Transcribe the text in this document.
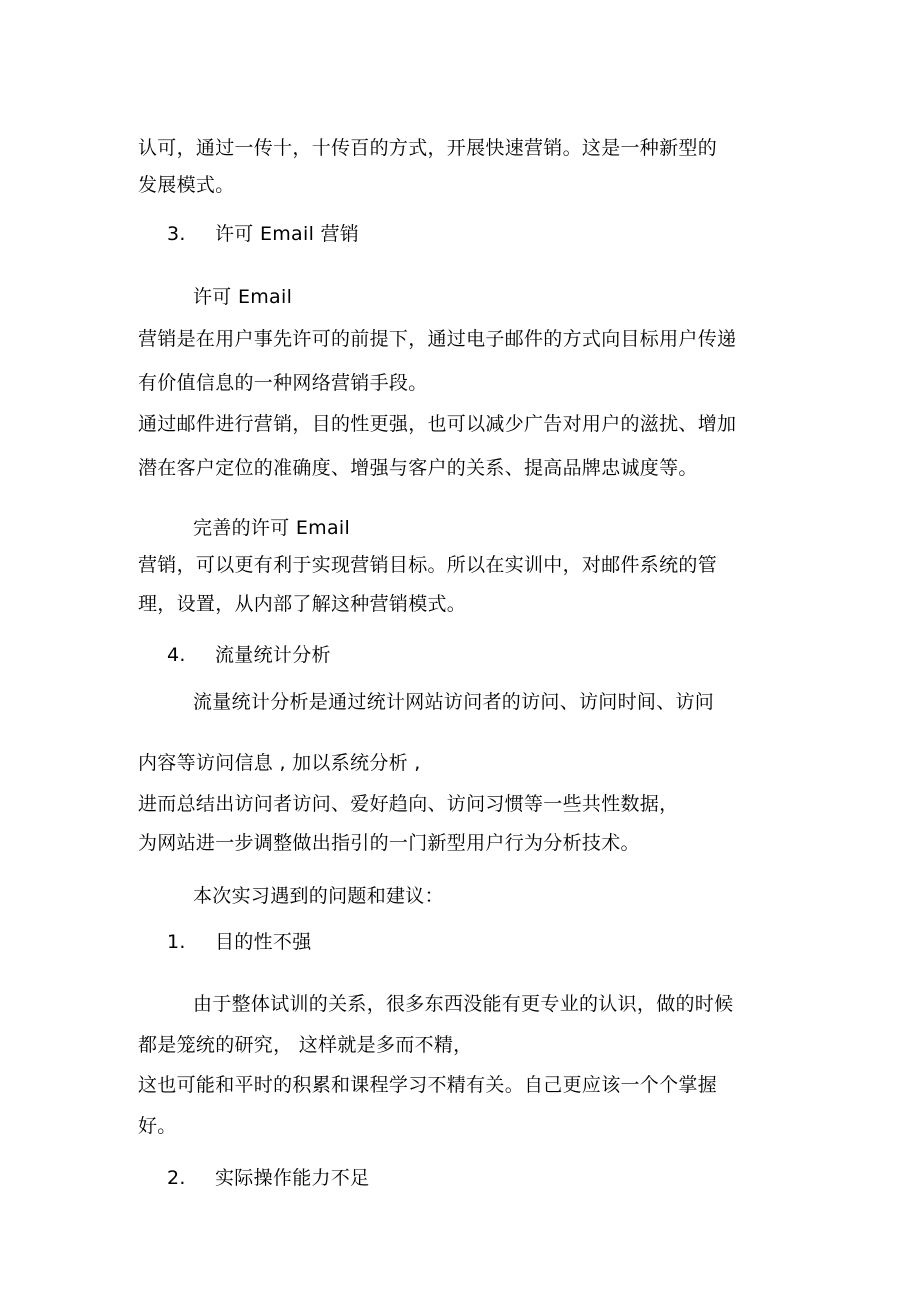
认可，通过一传十，十传百的方式，开展快速营销。这是一种新型的
发展模式。
3. 许可 Email 营销
许可 Email
营销是在用户事先许可的前提下，通过电子邮件的方式向目标用户传递
有价值信息的一种网络营销手段。
通过邮件进行营销，目的性更强，也可以减少广告对用户的滋扰、增加
潜在客户定位的准确度、增强与客户的关系、提高品牌忠诚度等。
完善的许可 Email
营销，可以更有利于实现营销目标。所以在实训中，对邮件系统的管
理，设置，从内部了解这种营销模式。
4. 流量统计分析
流量统计分析是通过统计网站访问者的访问、访问时间、访问
内容等访问信息 , 加以系统分析 ,
进而总结出访问者访问、爱好趋向、访问习惯等一些共性数据，
为网站进一步调整做出指引的一门新型用户行为分析技术。
本次实习遇到的问题和建议：
1. 目的性不强
由于整体试训的关系，很多东西没能有更专业的认识，做的时候
都是笼统的研究， 这样就是多而不精，
这也可能和平时的积累和课程学习不精有关。自己更应该一个个掌握
好。
2. 实际操作能力不足
